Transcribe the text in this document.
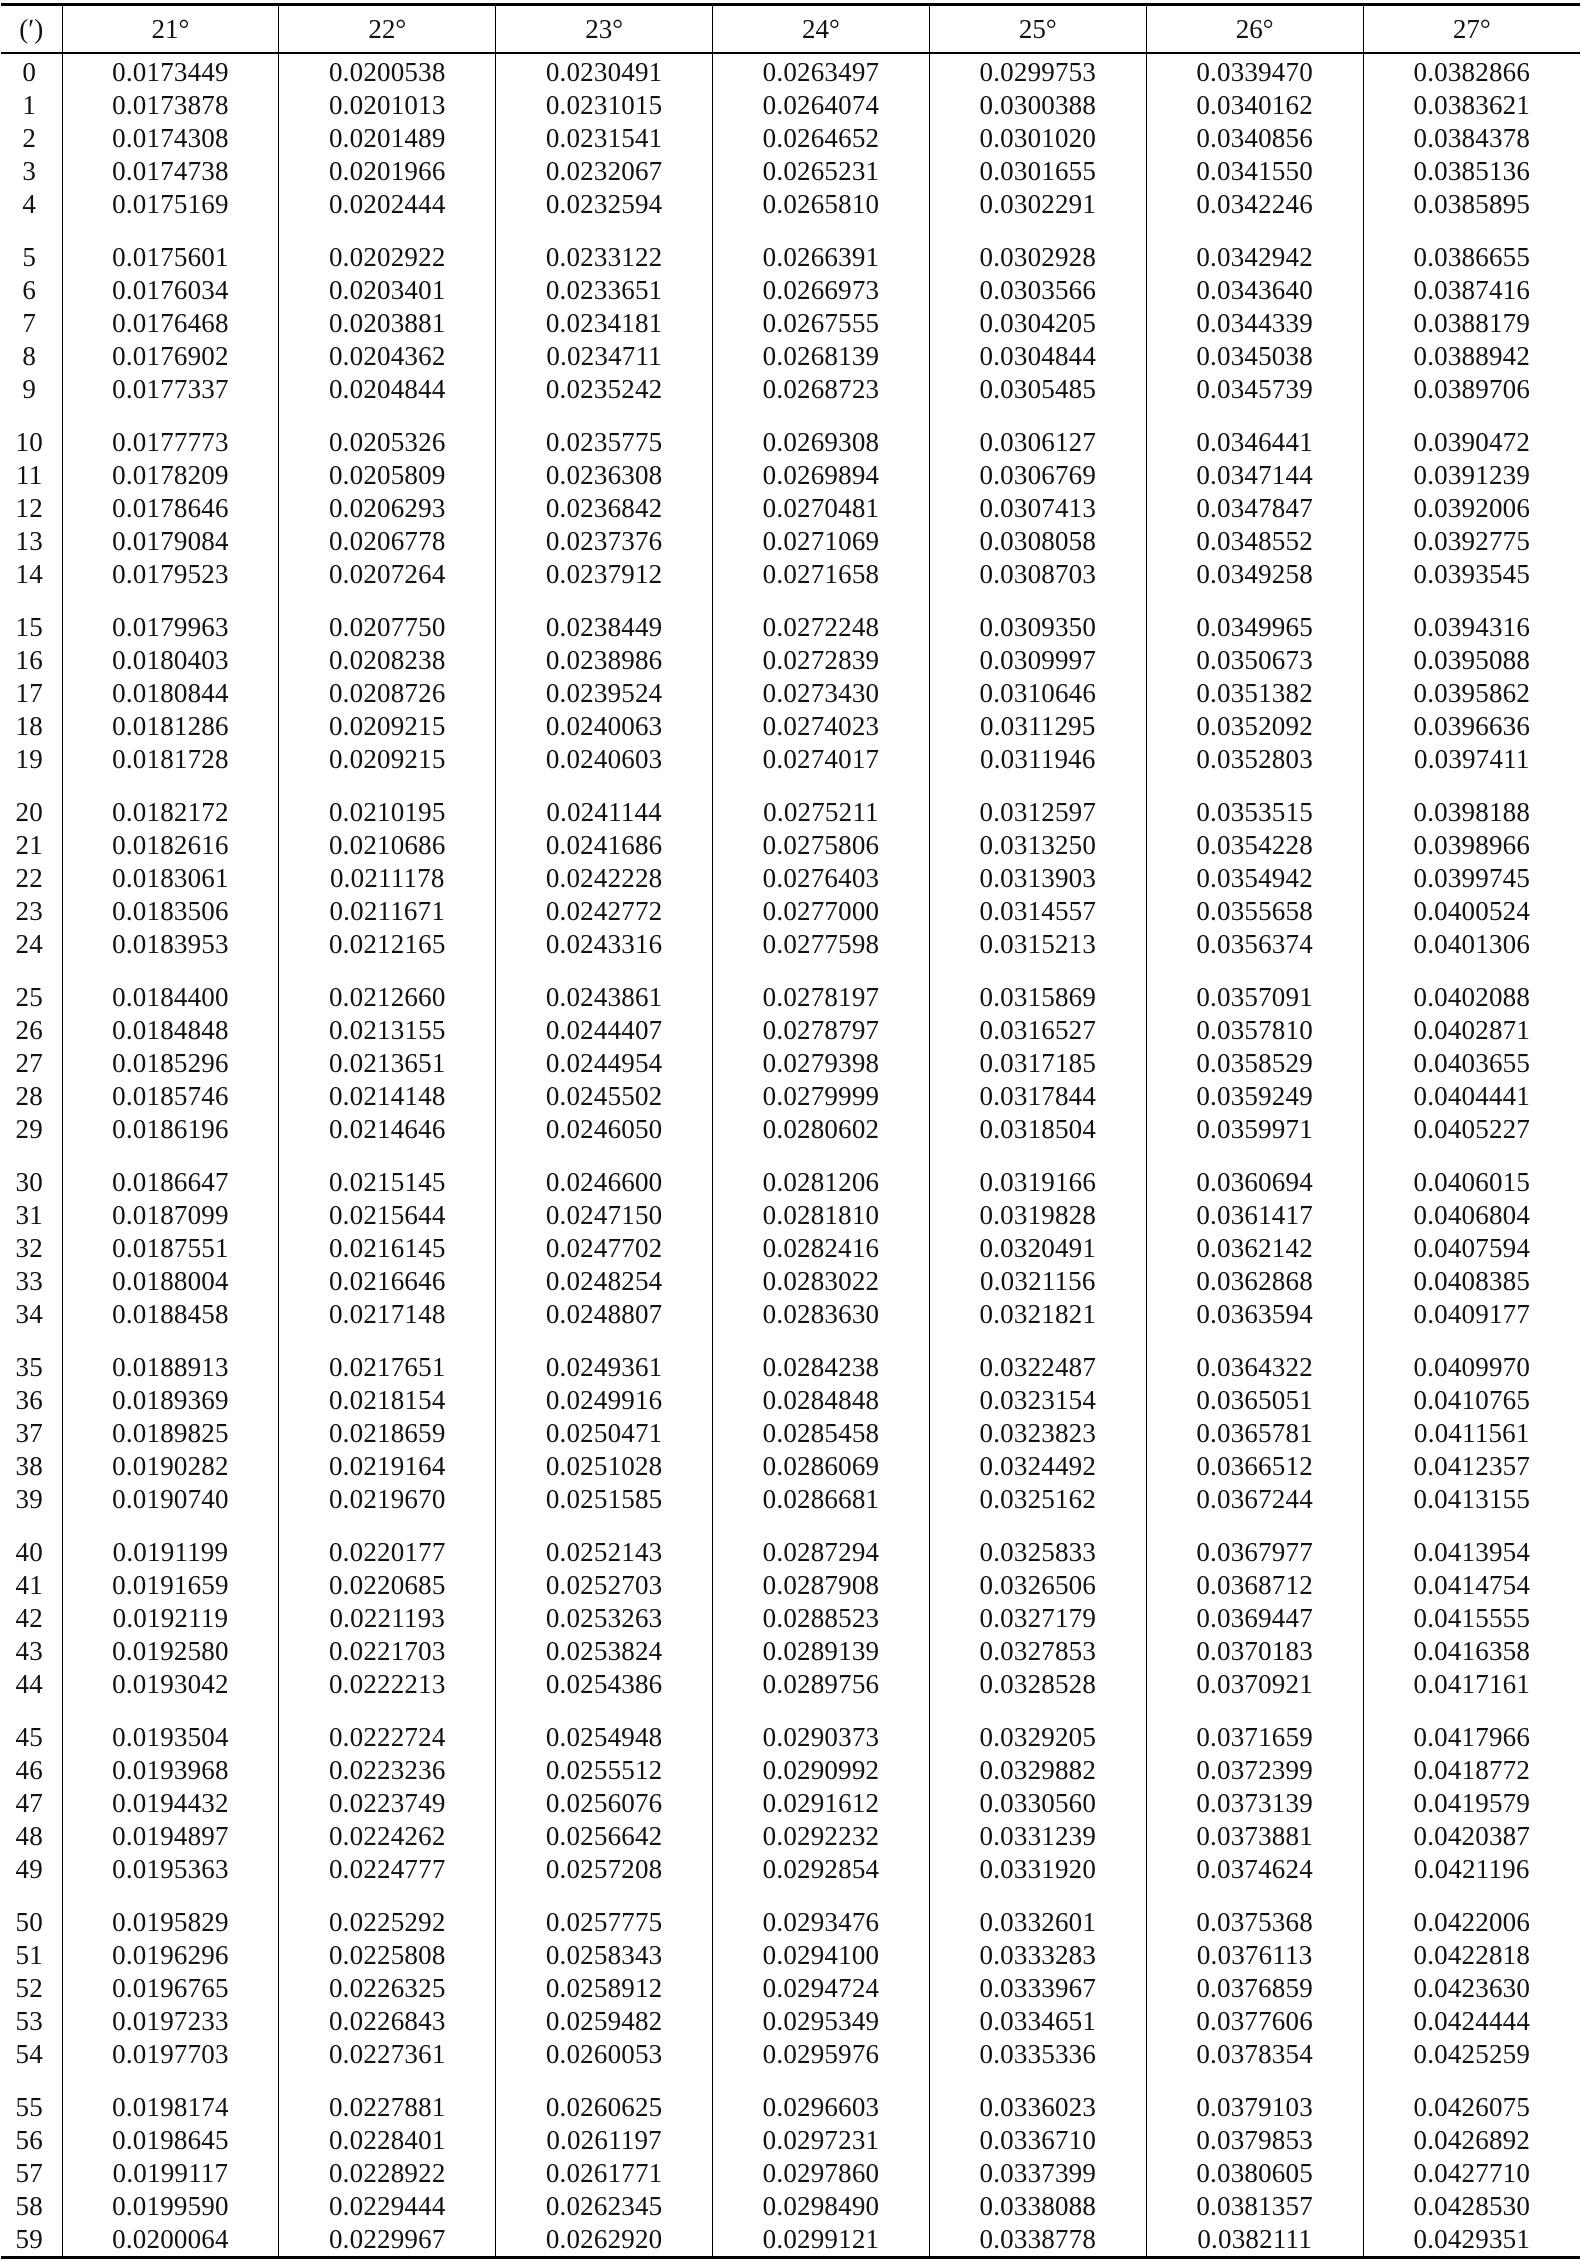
(′)	21°	22°	23°	24°	25°	26°	27°
0	0.0173449	0.0200538	0.0230491	0.0263497	0.0299753	0.0339470	0.0382866
1	0.0173878	0.0201013	0.0231015	0.0264074	0.0300388	0.0340162	0.0383621
2	0.0174308	0.0201489	0.0231541	0.0264652	0.0301020	0.0340856	0.0384378
3	0.0174738	0.0201966	0.0232067	0.0265231	0.0301655	0.0341550	0.0385136
4	0.0175169	0.0202444	0.0232594	0.0265810	0.0302291	0.0342246	0.0385895
5	0.0175601	0.0202922	0.0233122	0.0266391	0.0302928	0.0342942	0.0386655
6	0.0176034	0.0203401	0.0233651	0.0266973	0.0303566	0.0343640	0.0387416
7	0.0176468	0.0203881	0.0234181	0.0267555	0.0304205	0.0344339	0.0388179
8	0.0176902	0.0204362	0.0234711	0.0268139	0.0304844	0.0345038	0.0388942
9	0.0177337	0.0204844	0.0235242	0.0268723	0.0305485	0.0345739	0.0389706
10	0.0177773	0.0205326	0.0235775	0.0269308	0.0306127	0.0346441	0.0390472
11	0.0178209	0.0205809	0.0236308	0.0269894	0.0306769	0.0347144	0.0391239
12	0.0178646	0.0206293	0.0236842	0.0270481	0.0307413	0.0347847	0.0392006
13	0.0179084	0.0206778	0.0237376	0.0271069	0.0308058	0.0348552	0.0392775
14	0.0179523	0.0207264	0.0237912	0.0271658	0.0308703	0.0349258	0.0393545
15	0.0179963	0.0207750	0.0238449	0.0272248	0.0309350	0.0349965	0.0394316
16	0.0180403	0.0208238	0.0238986	0.0272839	0.0309997	0.0350673	0.0395088
17	0.0180844	0.0208726	0.0239524	0.0273430	0.0310646	0.0351382	0.0395862
18	0.0181286	0.0209215	0.0240063	0.0274023	0.0311295	0.0352092	0.0396636
19	0.0181728	0.0209215	0.0240603	0.0274017	0.0311946	0.0352803	0.0397411
20	0.0182172	0.0210195	0.0241144	0.0275211	0.0312597	0.0353515	0.0398188
21	0.0182616	0.0210686	0.0241686	0.0275806	0.0313250	0.0354228	0.0398966
22	0.0183061	0.0211178	0.0242228	0.0276403	0.0313903	0.0354942	0.0399745
23	0.0183506	0.0211671	0.0242772	0.0277000	0.0314557	0.0355658	0.0400524
24	0.0183953	0.0212165	0.0243316	0.0277598	0.0315213	0.0356374	0.0401306
25	0.0184400	0.0212660	0.0243861	0.0278197	0.0315869	0.0357091	0.0402088
26	0.0184848	0.0213155	0.0244407	0.0278797	0.0316527	0.0357810	0.0402871
27	0.0185296	0.0213651	0.0244954	0.0279398	0.0317185	0.0358529	0.0403655
28	0.0185746	0.0214148	0.0245502	0.0279999	0.0317844	0.0359249	0.0404441
29	0.0186196	0.0214646	0.0246050	0.0280602	0.0318504	0.0359971	0.0405227
30	0.0186647	0.0215145	0.0246600	0.0281206	0.0319166	0.0360694	0.0406015
31	0.0187099	0.0215644	0.0247150	0.0281810	0.0319828	0.0361417	0.0406804
32	0.0187551	0.0216145	0.0247702	0.0282416	0.0320491	0.0362142	0.0407594
33	0.0188004	0.0216646	0.0248254	0.0283022	0.0321156	0.0362868	0.0408385
34	0.0188458	0.0217148	0.0248807	0.0283630	0.0321821	0.0363594	0.0409177
35	0.0188913	0.0217651	0.0249361	0.0284238	0.0322487	0.0364322	0.0409970
36	0.0189369	0.0218154	0.0249916	0.0284848	0.0323154	0.0365051	0.0410765
37	0.0189825	0.0218659	0.0250471	0.0285458	0.0323823	0.0365781	0.0411561
38	0.0190282	0.0219164	0.0251028	0.0286069	0.0324492	0.0366512	0.0412357
39	0.0190740	0.0219670	0.0251585	0.0286681	0.0325162	0.0367244	0.0413155
40	0.0191199	0.0220177	0.0252143	0.0287294	0.0325833	0.0367977	0.0413954
41	0.0191659	0.0220685	0.0252703	0.0287908	0.0326506	0.0368712	0.0414754
42	0.0192119	0.0221193	0.0253263	0.0288523	0.0327179	0.0369447	0.0415555
43	0.0192580	0.0221703	0.0253824	0.0289139	0.0327853	0.0370183	0.0416358
44	0.0193042	0.0222213	0.0254386	0.0289756	0.0328528	0.0370921	0.0417161
45	0.0193504	0.0222724	0.0254948	0.0290373	0.0329205	0.0371659	0.0417966
46	0.0193968	0.0223236	0.0255512	0.0290992	0.0329882	0.0372399	0.0418772
47	0.0194432	0.0223749	0.0256076	0.0291612	0.0330560	0.0373139	0.0419579
48	0.0194897	0.0224262	0.0256642	0.0292232	0.0331239	0.0373881	0.0420387
49	0.0195363	0.0224777	0.0257208	0.0292854	0.0331920	0.0374624	0.0421196
50	0.0195829	0.0225292	0.0257775	0.0293476	0.0332601	0.0375368	0.0422006
51	0.0196296	0.0225808	0.0258343	0.0294100	0.0333283	0.0376113	0.0422818
52	0.0196765	0.0226325	0.0258912	0.0294724	0.0333967	0.0376859	0.0423630
53	0.0197233	0.0226843	0.0259482	0.0295349	0.0334651	0.0377606	0.0424444
54	0.0197703	0.0227361	0.0260053	0.0295976	0.0335336	0.0378354	0.0425259
55	0.0198174	0.0227881	0.0260625	0.0296603	0.0336023	0.0379103	0.0426075
56	0.0198645	0.0228401	0.0261197	0.0297231	0.0336710	0.0379853	0.0426892
57	0.0199117	0.0228922	0.0261771	0.0297860	0.0337399	0.0380605	0.0427710
58	0.0199590	0.0229444	0.0262345	0.0298490	0.0338088	0.0381357	0.0428530
59	0.0200064	0.0229967	0.0262920	0.0299121	0.0338778	0.0382111	0.0429351
